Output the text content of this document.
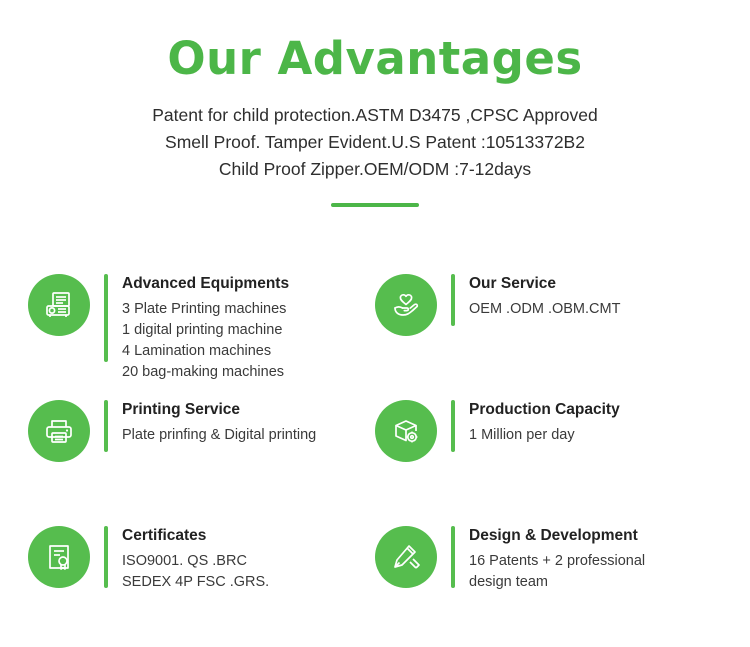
Our Advantages
Patent for child protection.ASTM D3475 ,CPSC Approved
Smell Proof. Tamper Evident.U.S Patent :10513372B2
Child Proof Zipper.OEM/ODM :7-12days
Advanced Equipments
3 Plate Printing machines
1 digital printing machine
4 Lamination machines
20 bag-making machines
Our Service
OEM .ODM .OBM.CMT
Printing Service
Plate prinfing & Digital printing
Production Capacity
1 Million per day
Certificates
ISO9001. QS .BRC
SEDEX 4P FSC .GRS.
Design & Development
16 Patents + 2 professional
design team
